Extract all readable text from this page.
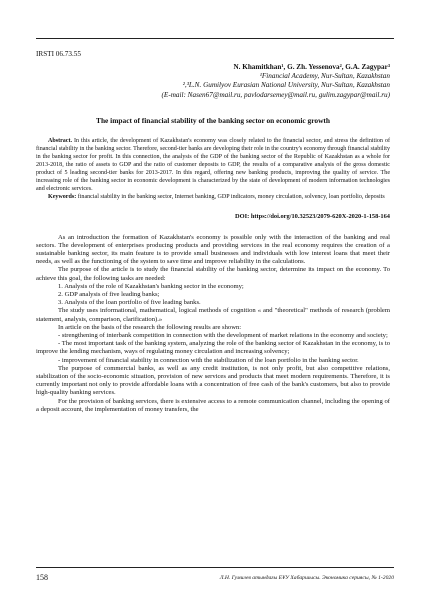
IRSTI 06.73.55
N. Khamitkhan¹, G. Zh. Yessenova², G.A. Zagypar³
¹Financial Academy, Nur-Sultan, Kazakhstan
²,³L.N. Gumilyov Eurasian National University, Nur-Sultan, Kazakhstan
(E-mail: Nasen67@mail.ru, pavlodarsemey@mail.ru, gulim.zagypar@mail.ru)
The impact of financial stability of the banking sector on economic growth
Abstract. In this article, the development of Kazakhstan's economy was closely related to the financial sector, and stress the definition of financial stability in the banking sector. Therefore, second-tier banks are developing their role in the country's economy through financial stability in the banking sector for profit. In this connection, the analysis of the GDP of the banking sector of the Republic of Kazakhstan as a whole for 2013-2018, the ratio of assets to GDP and the ratio of customer deposits to GDP, the results of a comparative analysis of the gross domestic product of 5 leading second-tier banks for 2013-2017. In this regard, offering new banking products, improving the quality of service. The increasing role of the banking sector in economic development is characterized by the state of development of modern information technologies and electronic services.
Keywords: financial stability in the banking sector, Internet banking, GDP indicators, money circulation, solvency, loan portfolio, deposits
DOI: https://doi.org/10.32523/2079-620X-2020-1-158-164

As an introduction the formation of Kazakhstan's economy is possible only with the interaction of the banking and real sectors. The development of enterprises producing products and providing services in the real economy requires the creation of a sustainable banking sector, its main feature is to provide small businesses and individuals with low interest loans that meet their needs, as well as the functioning of the system to save time and improve reliability in the calculations.

The purpose of the article is to study the financial stability of the banking sector, determine its impact on the economy. To achieve this goal, the following tasks are needed:

1. Analysis of the role of Kazakhstan's banking sector in the economy;

2. GDP analysis of five leading banks;

3. Analysis of the loan portfolio of five leading banks.

The study uses informational, mathematical, logical methods of cognition « and "theoretical" methods of research (problem statement, analysis, comparison, clarification).»

In article on the basis of the research the following results are shown:

- strengthening of interbank competition in connection with the development of market relations in the economy and society;

- The most important task of the banking system, analyzing the role of the banking sector of Kazakhstan in the economy, is to improve the lending mechanism, ways of regulating money circulation and increasing solvency;

- improvement of financial stability in connection with the stabilization of the loan portfolio in the banking sector.

The purpose of commercial banks, as well as any credit institution, is not only profit, but also competitive relations, stabilization of the socio-economic situation, provision of new services and products that meet modern requirements. Therefore, it is currently important not only to provide affordable loans with a concentration of free cash of the bank's customers, but also to provide high-quality banking services.

For the provision of banking services, there is extensive access to a remote communication channel, including the opening of a deposit account, the implementation of money transfers, the

158	Л.Н. Гумилев атындағы ЕҰУ Хабаршысы. Экономика сериясы, № 1-2020
